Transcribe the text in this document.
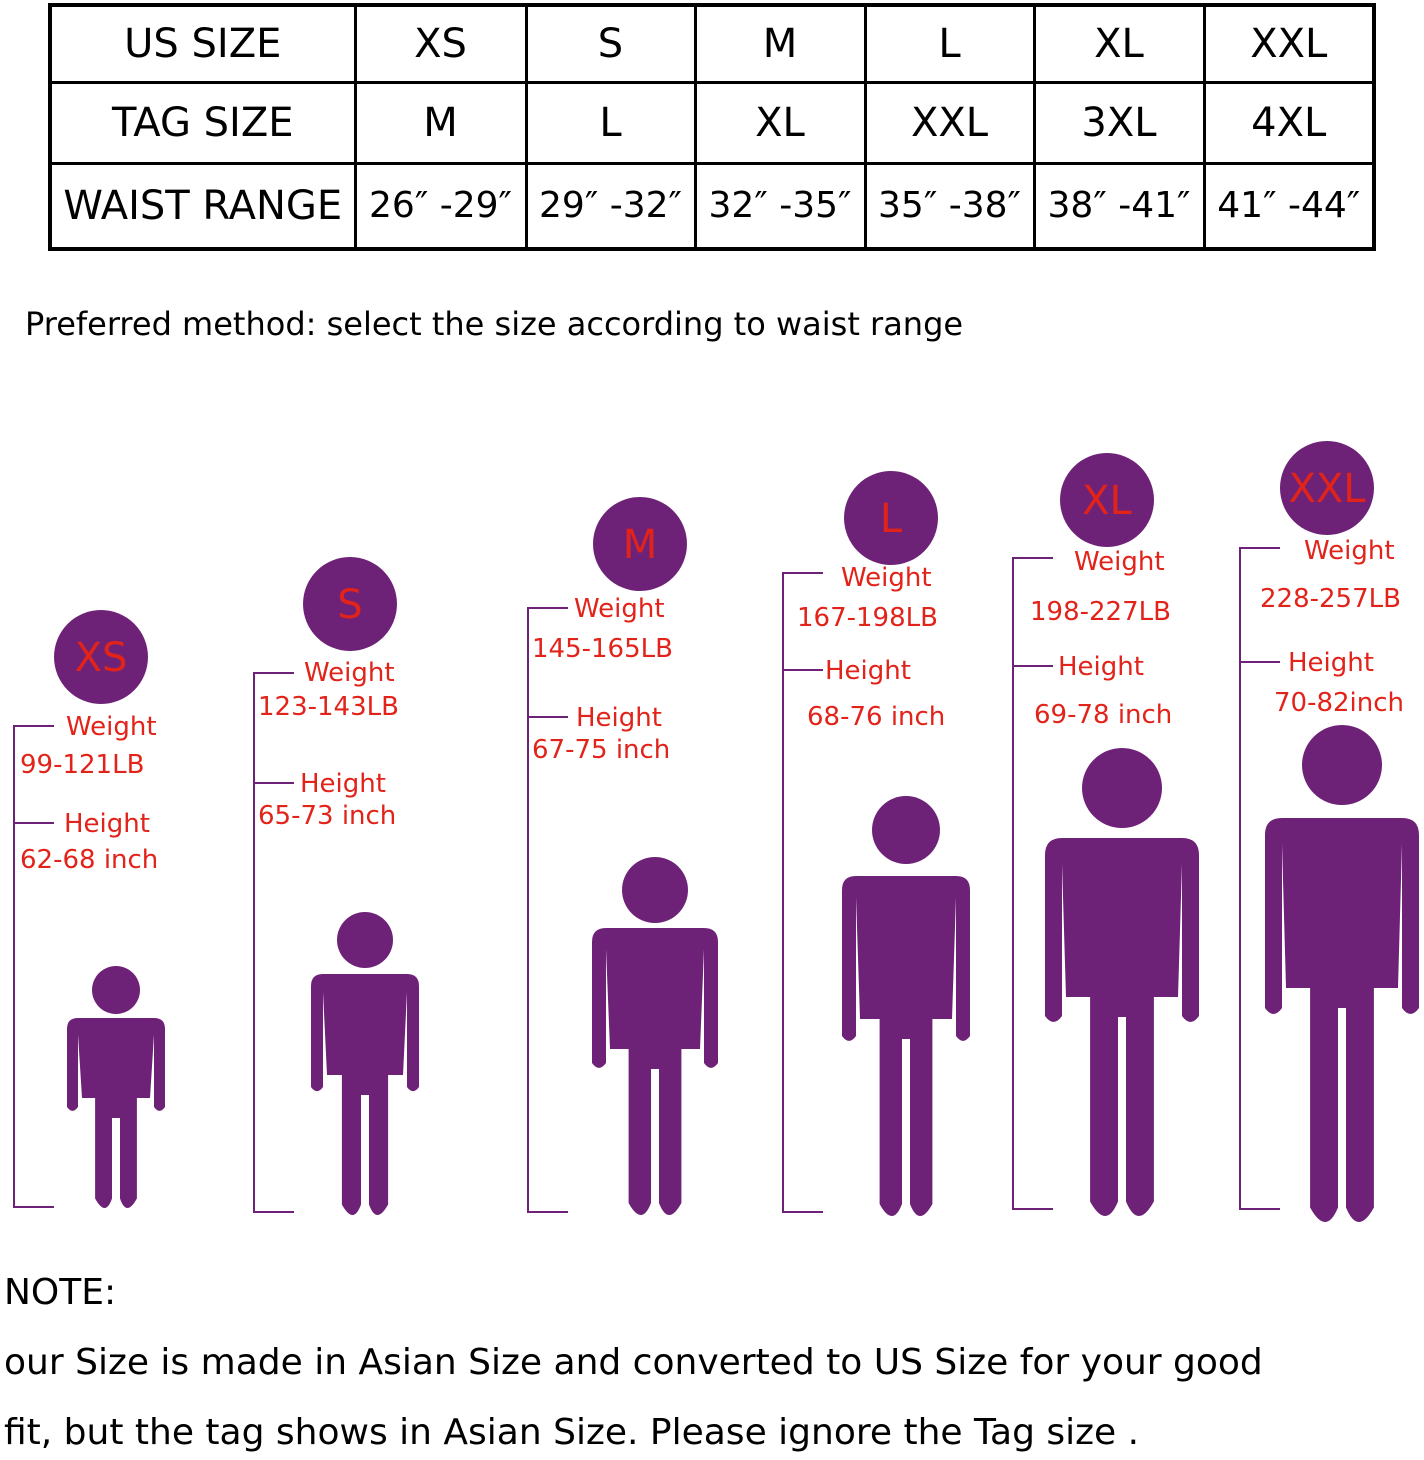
US SIZE	XS	S	M	L	XL	XXL
TAG SIZE	M	L	XL	XXL	3XL	4XL
WAIST RANGE	26″ -29″	29″ -32″	32″ -35″	35″ -38″	38″ -41″	41″ -44″
Preferred method: select the size according to waist range
XS
Weight
99-121LB
Height
62-68 inch
S
Weight
123-143LB
Height
65-73 inch
M
Weight
145-165LB
Height
67-75 inch
L
Weight
167-198LB
Height
68-76 inch
XL
Weight
198-227LB
Height
69-78 inch
XXL
Weight
228-257LB
Height
70-82inch
NOTE:
our Size is made in Asian Size and converted to US Size for your good
fit, but the tag shows in Asian Size. Please ignore the Tag size .
